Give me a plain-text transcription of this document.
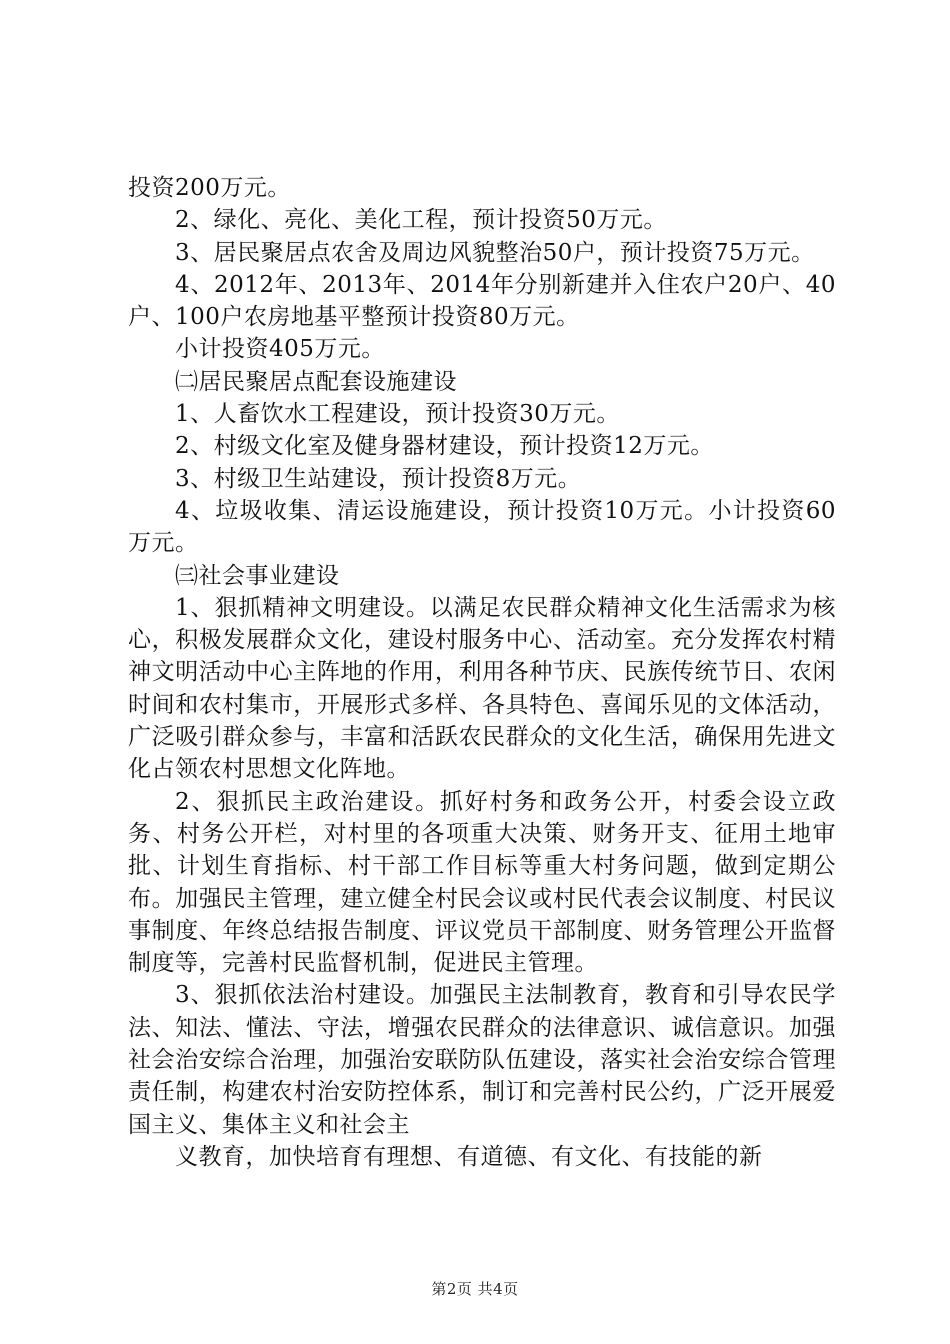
投资200万元。

2、绿化、亮化、美化工程，预计投资50万元。

3、居民聚居点农舍及周边风貌整治50户，预计投资75万元。

4、2012年、2013年、2014年分别新建并入住农户20户、40户、100户农房地基平整预计投资80万元。

小计投资405万元。

㈡居民聚居点配套设施建设

1、人畜饮水工程建设，预计投资30万元。

2、村级文化室及健身器材建设，预计投资12万元。

3、村级卫生站建设，预计投资8万元。

4、垃圾收集、清运设施建设，预计投资10万元。小计投资60万元。

㈢社会事业建设

1、狠抓精神文明建设。以满足农民群众精神文化生活需求为核心，积极发展群众文化，建设村服务中心、活动室。充分发挥农村精神文明活动中心主阵地的作用，利用各种节庆、民族传统节日、农闲时间和农村集市，开展形式多样、各具特色、喜闻乐见的文体活动，广泛吸引群众参与，丰富和活跃农民群众的文化生活，确保用先进文化占领农村思想文化阵地。

2、狠抓民主政治建设。抓好村务和政务公开，村委会设立政务、村务公开栏，对村里的各项重大决策、财务开支、征用土地审批、计划生育指标、村干部工作目标等重大村务问题，做到定期公布。加强民主管理，建立健全村民会议或村民代表会议制度、村民议事制度、年终总结报告制度、评议党员干部制度、财务管理公开监督制度等，完善村民监督机制，促进民主管理。

3、狠抓依法治村建设。加强民主法制教育，教育和引导农民学法、知法、懂法、守法，增强农民群众的法律意识、诚信意识。加强社会治安综合治理，加强治安联防队伍建设，落实社会治安综合管理责任制，构建农村治安防控体系，制订和完善村民公约，广泛开展爱国主义、集体主义和社会主

义教育，加快培育有理想、有道德、有文化、有技能的新

第2页 共4页
